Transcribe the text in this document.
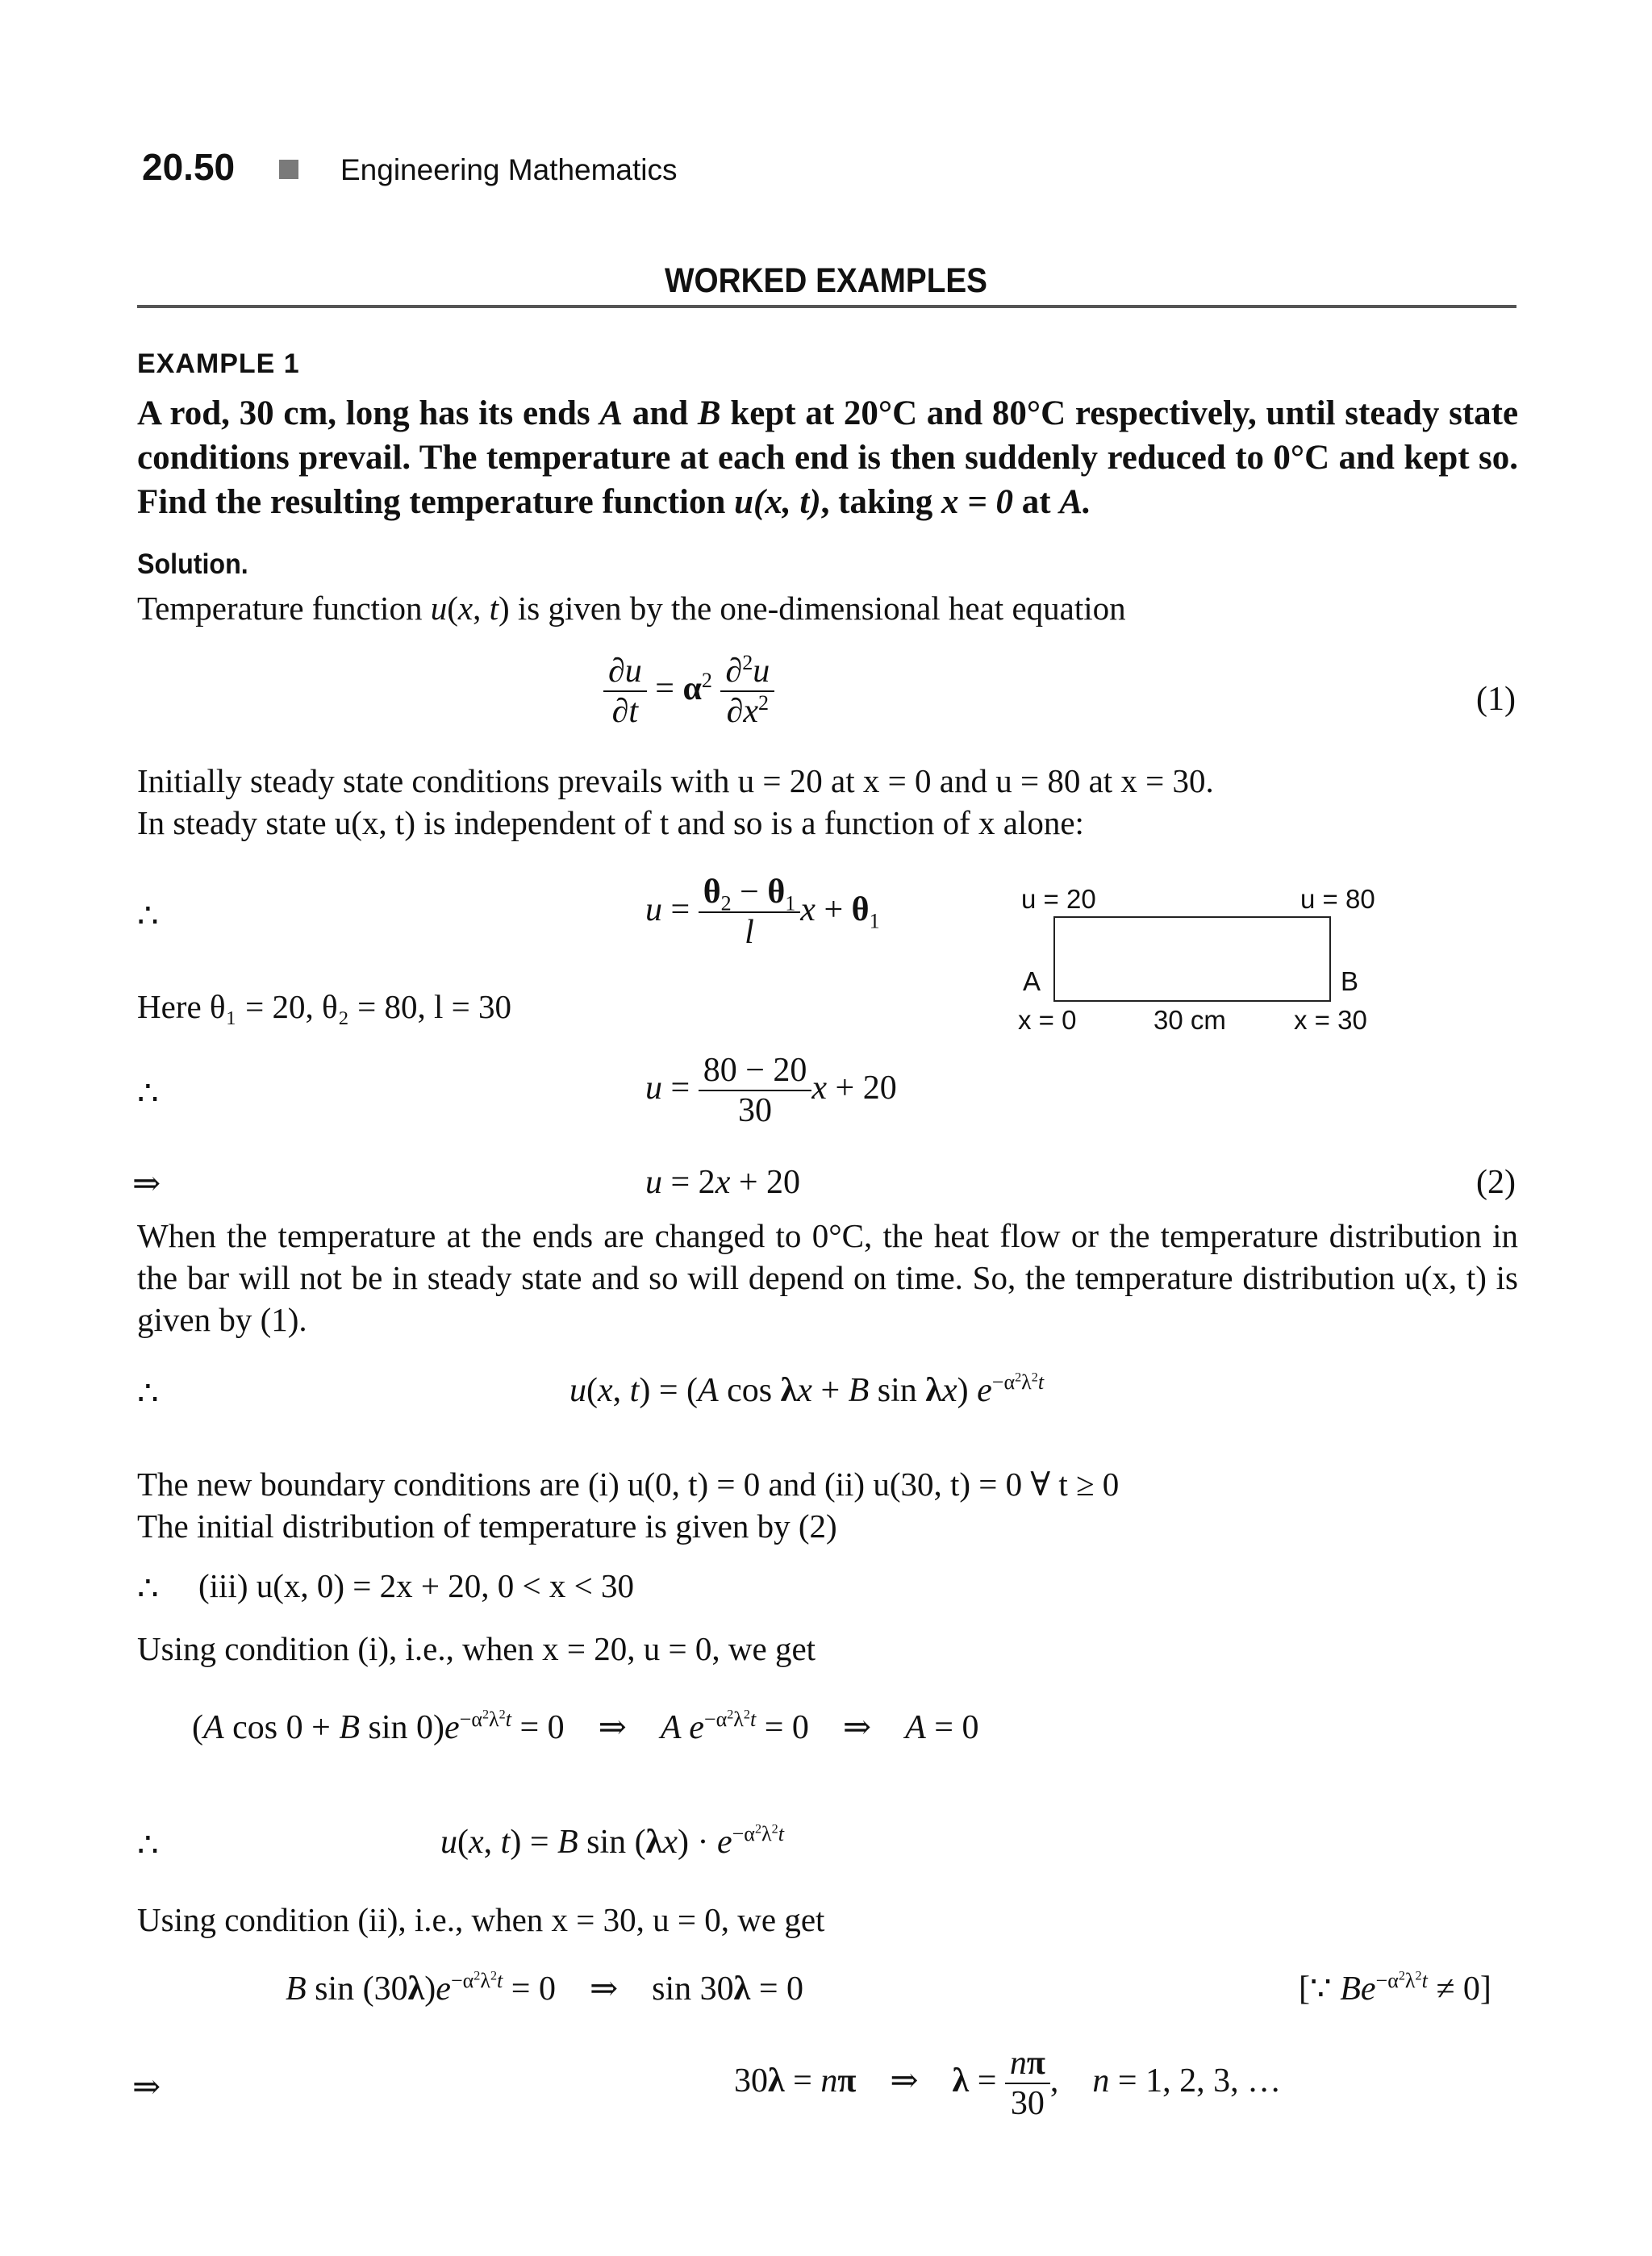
20.50	Engineering Mathematics
WORKED EXAMPLES
EXAMPLE 1
A rod, 30 cm, long has its ends A and B kept at 20°C and 80°C respectively, until steady state conditions prevail. The temperature at each end is then suddenly reduced to 0°C and kept so. Find the resulting temperature function u(x, t), taking x = 0 at A.
Solution.
Temperature function u(x, t) is given by the one-dimensional heat equation
$\frac{\partial u}{\partial t} = \alpha^2 \frac{\partial^2u}{\partial x^2}$	(1)
Initially steady state conditions prevails with u = 20 at x = 0 and u = 80 at x = 30.
In steady state u(x, t) is independent of t and so is a function of x alone:
∴	$u = \frac{\theta_2 - \theta_1}{l}$ $x + \theta_1$
Here θ₁ = 20, θ₂ = 80, l = 30
u = 20	u = 80
A	B
x = 0	30 cm	x = 30
∴	$u = \frac{80 - 20}{30}$ x + 20
⇒	u = 2x + 20	(2)
When the temperature at the ends are changed to 0°C, the heat flow or the temperature distribution in the bar will not be in steady state and so will depend on time. So, the temperature distribution u(x, t) is given by (1).
∴	u(x, t) = (A cos λx + B sin λx) $e^{-\alpha^2\lambda^2t}$
The new boundary conditions are (i) u(0, t) = 0 and (ii) u(30, t) = 0 ∀ t ≥ 0
The initial distribution of temperature is given by (2)
∴ (iii) u(x, 0) = 2x + 20, 0 < x < 30
Using condition (i), i.e., when x = 20, u = 0, we get
(A cos 0 + B $\sin 0)e^{-\alpha^2\lambda^2t} = 0$    ⇒    A $e^{-\alpha^2\lambda^2t} = 0$    ⇒    A = 0
∴	u(x, t) = B $\sin (\lambda x) \cdot e^{-\alpha^2\lambda^2t}$
Using condition (ii), i.e., when x = 30, u = 0, we get
B $\sin (30\lambda)e^{-\alpha^2\lambda^2t} = 0$    ⇒    sin 30λ = 0	[∵ $Be^{-\alpha^2\lambda^2t} \ne 0$]
⇒	30λ = nπ    ⇒    $\lambda = \frac{n\pi}{30}$ ,    n = 1, 2, 3, …
